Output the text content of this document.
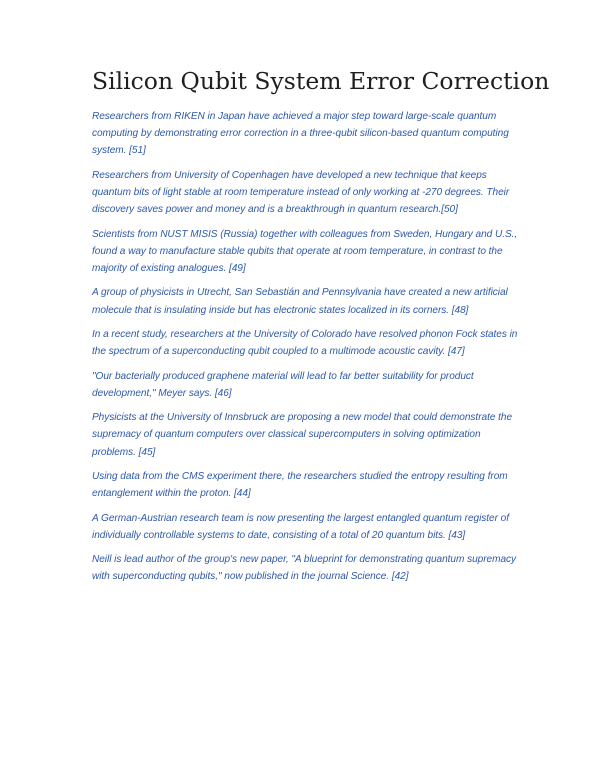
Silicon Qubit System Error Correction

Researchers from RIKEN in Japan have achieved a major step toward large-scale quantum computing by demonstrating error correction in a three-qubit silicon-based quantum computing system. [51]

Researchers from University of Copenhagen have developed a new technique that keeps quantum bits of light stable at room temperature instead of only working at -270 degrees. Their discovery saves power and money and is a breakthrough in quantum research.[50]

Scientists from NUST MISIS (Russia) together with colleagues from Sweden, Hungary and U.S., found a way to manufacture stable qubits that operate at room temperature, in contrast to the majority of existing analogues. [49]

A group of physicists in Utrecht, San Sebastián and Pennsylvania have created a new artificial molecule that is insulating inside but has electronic states localized in its corners. [48]

In a recent study, researchers at the University of Colorado have resolved phonon Fock states in the spectrum of a superconducting qubit coupled to a multimode acoustic cavity. [47]

"Our bacterially produced graphene material will lead to far better suitability for product development," Meyer says. [46]

Physicists at the University of Innsbruck are proposing a new model that could demonstrate the supremacy of quantum computers over classical supercomputers in solving optimization problems. [45]

Using data from the CMS experiment there, the researchers studied the entropy resulting from entanglement within the proton. [44]

A German-Austrian research team is now presenting the largest entangled quantum register of individually controllable systems to date, consisting of a total of 20 quantum bits. [43]

Neill is lead author of the group's new paper, "A blueprint for demonstrating quantum supremacy with superconducting qubits," now published in the journal Science. [42]
